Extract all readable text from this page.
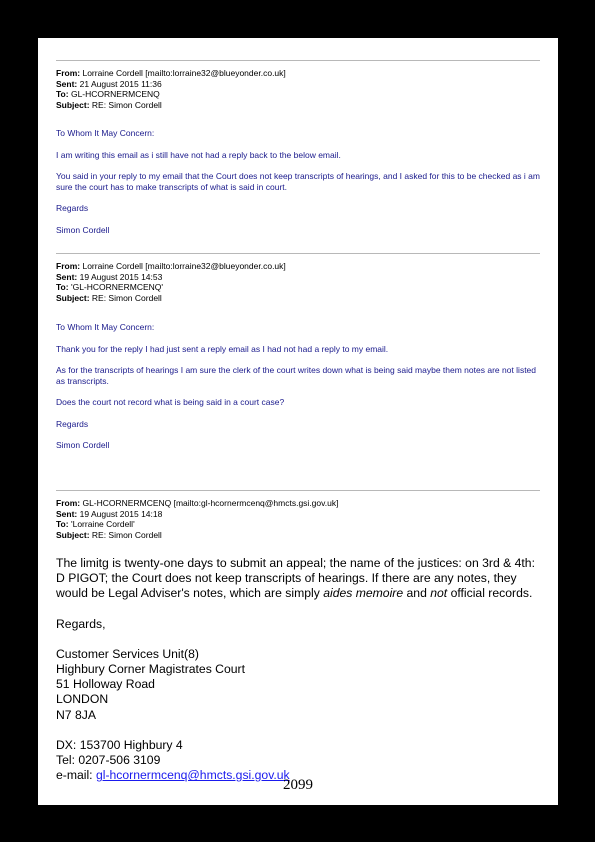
From: Lorraine Cordell [mailto:lorraine32@blueyonder.co.uk]
Sent: 21 August 2015 11:36
To: GL-HCORNERMCENQ
Subject: RE: Simon Cordell

To Whom It May Concern:

I am writing this email as i still have not had a reply back to the below email.

You said in your reply to my email that the Court does not keep transcripts of hearings, and I asked for this to be checked as i am sure the court has to make transcripts of what is said in court.

Regards

Simon Cordell

From: Lorraine Cordell [mailto:lorraine32@blueyonder.co.uk]
Sent: 19 August 2015 14:53
To: 'GL-HCORNERMCENQ'
Subject: RE: Simon Cordell

To Whom It May Concern:

Thank you for the reply I had just sent a reply email as I had not had a reply to my email.

As for the transcripts of hearings I am sure the clerk of the court writes down what is being said maybe them notes are not listed as transcripts.

Does the court not record what is being said in a court case?

Regards

Simon Cordell

From: GL-HCORNERMCENQ [mailto:gl-hcornermcenq@hmcts.gsi.gov.uk]
Sent: 19 August 2015 14:18
To: 'Lorraine Cordell'
Subject: RE: Simon Cordell

The limitg is twenty-one days to submit an appeal; the name of the justices: on 3rd & 4th: D PIGOT; the Court does not keep transcripts of hearings. If there are any notes, they would be Legal Adviser's notes, which are simply aides memoire and not official records.

Regards,

Customer Services Unit(8)

Highbury Corner Magistrates Court

51 Holloway Road

LONDON

N7 8JA

DX: 153700 Highbury 4

Tel: 0207-506 3109

e-mail: gl-hcornermcenq@hmcts.gsi.gov.uk

2099
